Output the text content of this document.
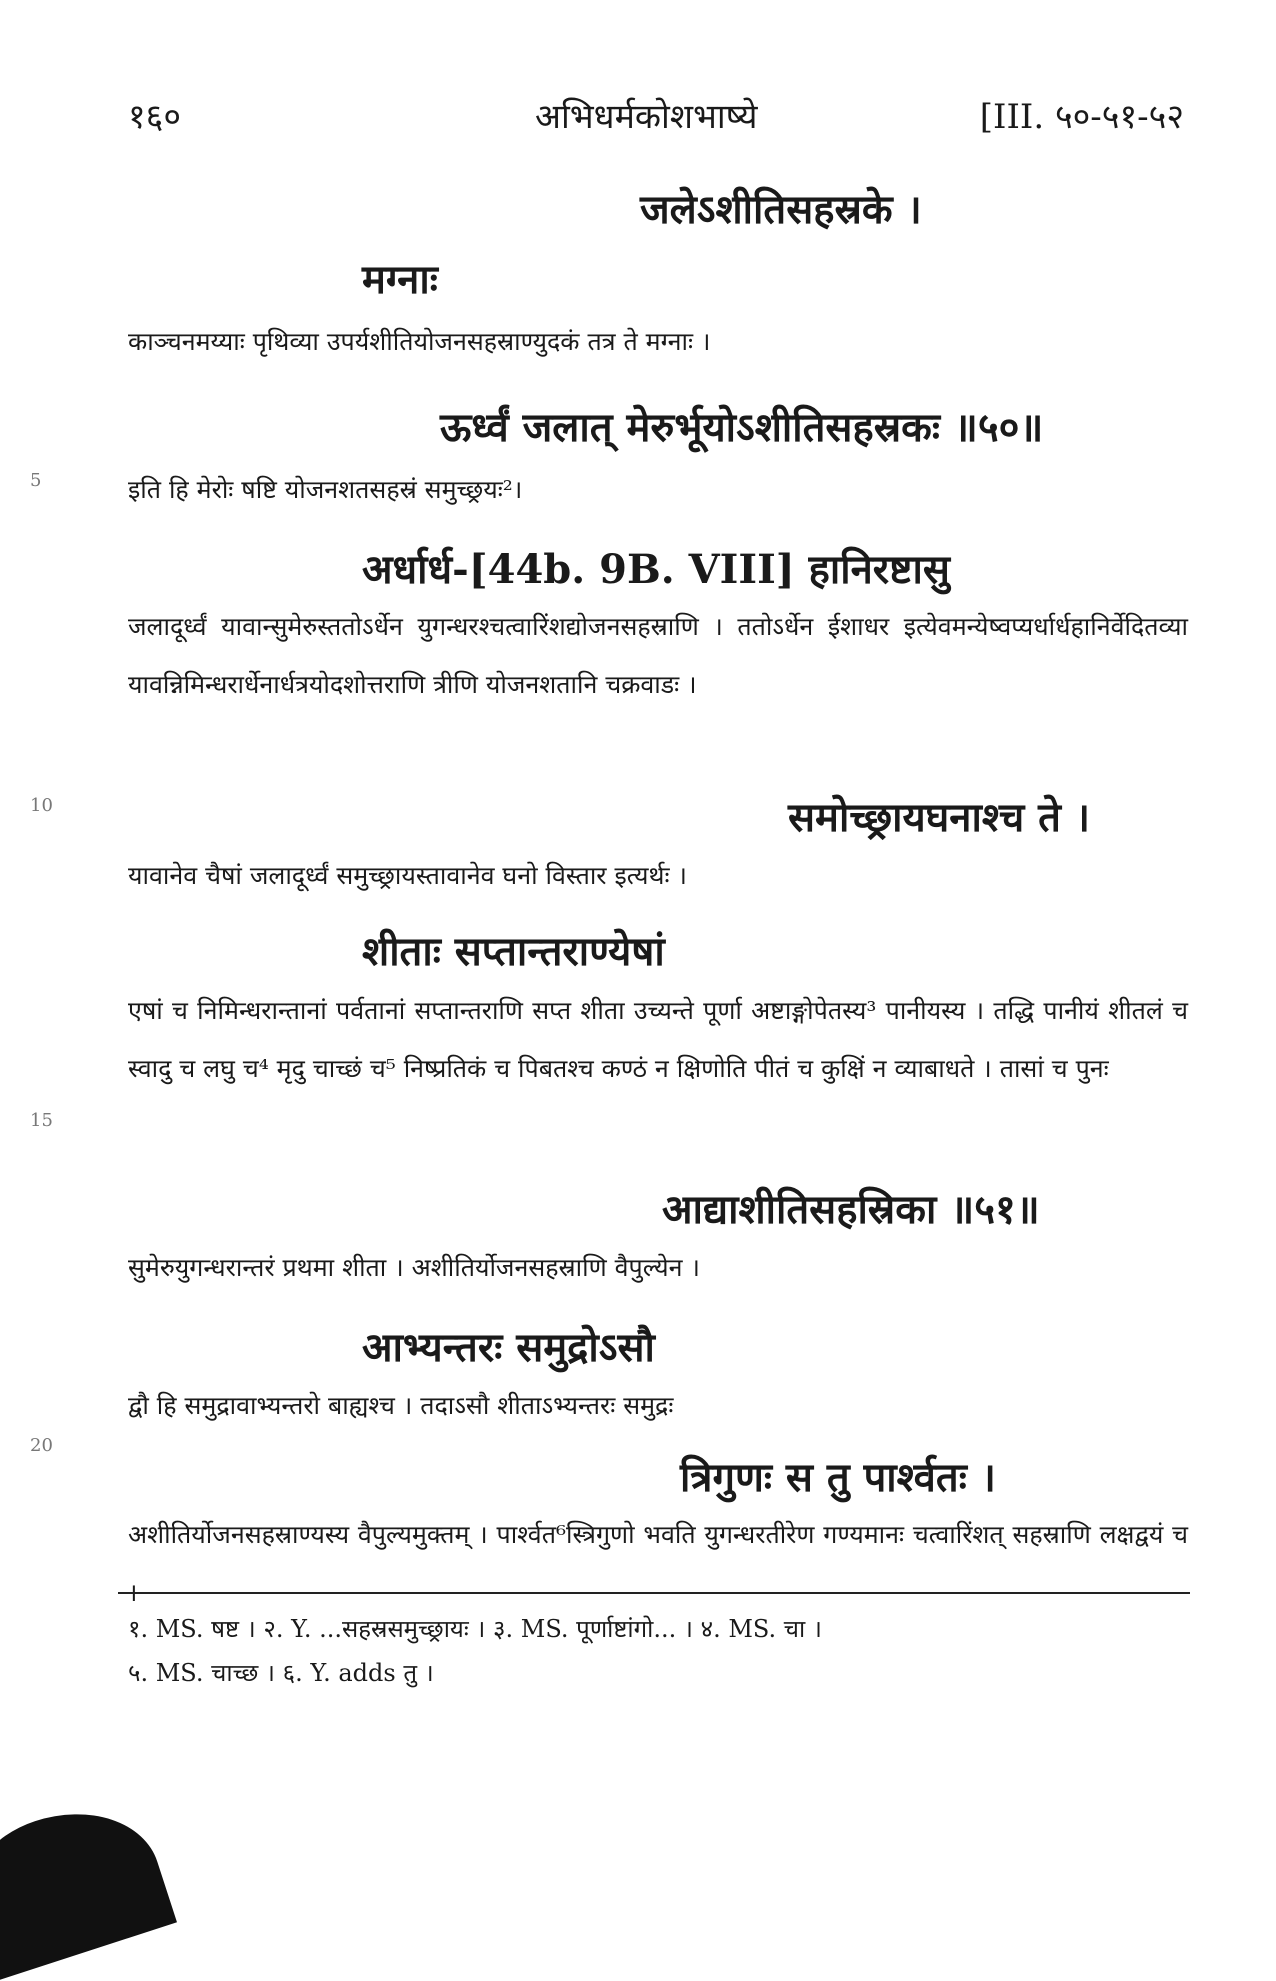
१६०	अभिधर्मकोशभाष्ये	[III. ५०-५१-५२
5
10
15
20
जलेऽशीतिसहस्रके ।
मग्नाः
काञ्चनमय्याः पृथिव्या उपर्यशीतियोजनसहस्राण्युदकं तत्र ते मग्नाः ।
ऊर्ध्वं जलात् मेरुर्भूयोऽशीतिसहस्रकः ॥५०॥
इति हि मेरोः षष्टि योजनशतसहस्रं समुच्छ्रयः²।
अर्धार्ध-[44b. 9B. VIII] हानिरष्टासु
जलादूर्ध्वं यावान्सुमेरुस्ततोऽर्धेन युगन्धरश्चत्वारिंशद्योजनसहस्राणि । ततोऽर्धेन ईशाधर इत्येवमन्येष्वप्यर्धार्धहानिर्वेदितव्या यावन्निमिन्धरार्धेनार्धत्रयोदशोत्तराणि त्रीणि योजनशतानि चक्रवाडः ।
समोच्छ्रायघनाश्च ते ।
यावानेव चैषां जलादूर्ध्वं समुच्छ्रायस्तावानेव घनो विस्तार इत्यर्थः ।
शीताः सप्तान्तराण्येषां
एषां च निमिन्धरान्तानां पर्वतानां सप्तान्तराणि सप्त शीता उच्यन्ते पूर्णा अष्टाङ्गोपेतस्य³ पानीयस्य । तद्धि पानीयं शीतलं च स्वादु च लघु च⁴ मृदु चाच्छं च⁵ निष्प्रतिकं च पिबतश्च कण्ठं न क्षिणोति पीतं च कुक्षिं न व्याबाधते । तासां च पुनः
आद्याशीतिसहस्रिका ॥५१॥
सुमेरुयुगन्धरान्तरं प्रथमा शीता । अशीतिर्योजनसहस्राणि वैपुल्येन ।
आभ्यन्तरः समुद्रोऽसौ
द्वौ हि समुद्रावाभ्यन्तरो बाह्यश्च । तदाऽसौ शीताऽभ्यन्तरः समुद्रः
त्रिगुणः स तु पार्श्वतः ।
अशीतिर्योजनसहस्राण्यस्य वैपुल्यमुक्तम् । पार्श्वत⁶स्त्रिगुणो भवति युगन्धरतीरेण गण्यमानः चत्वारिंशत् सहस्राणि लक्षद्वयं च ।
१. MS. षष्ट । २. Y. ...सहस्रसमुच्छ्रायः । ३. MS. पूर्णाष्टांगो... । ४. MS. चा ।
५. MS. चाच्छ । ६. Y. adds तु ।
